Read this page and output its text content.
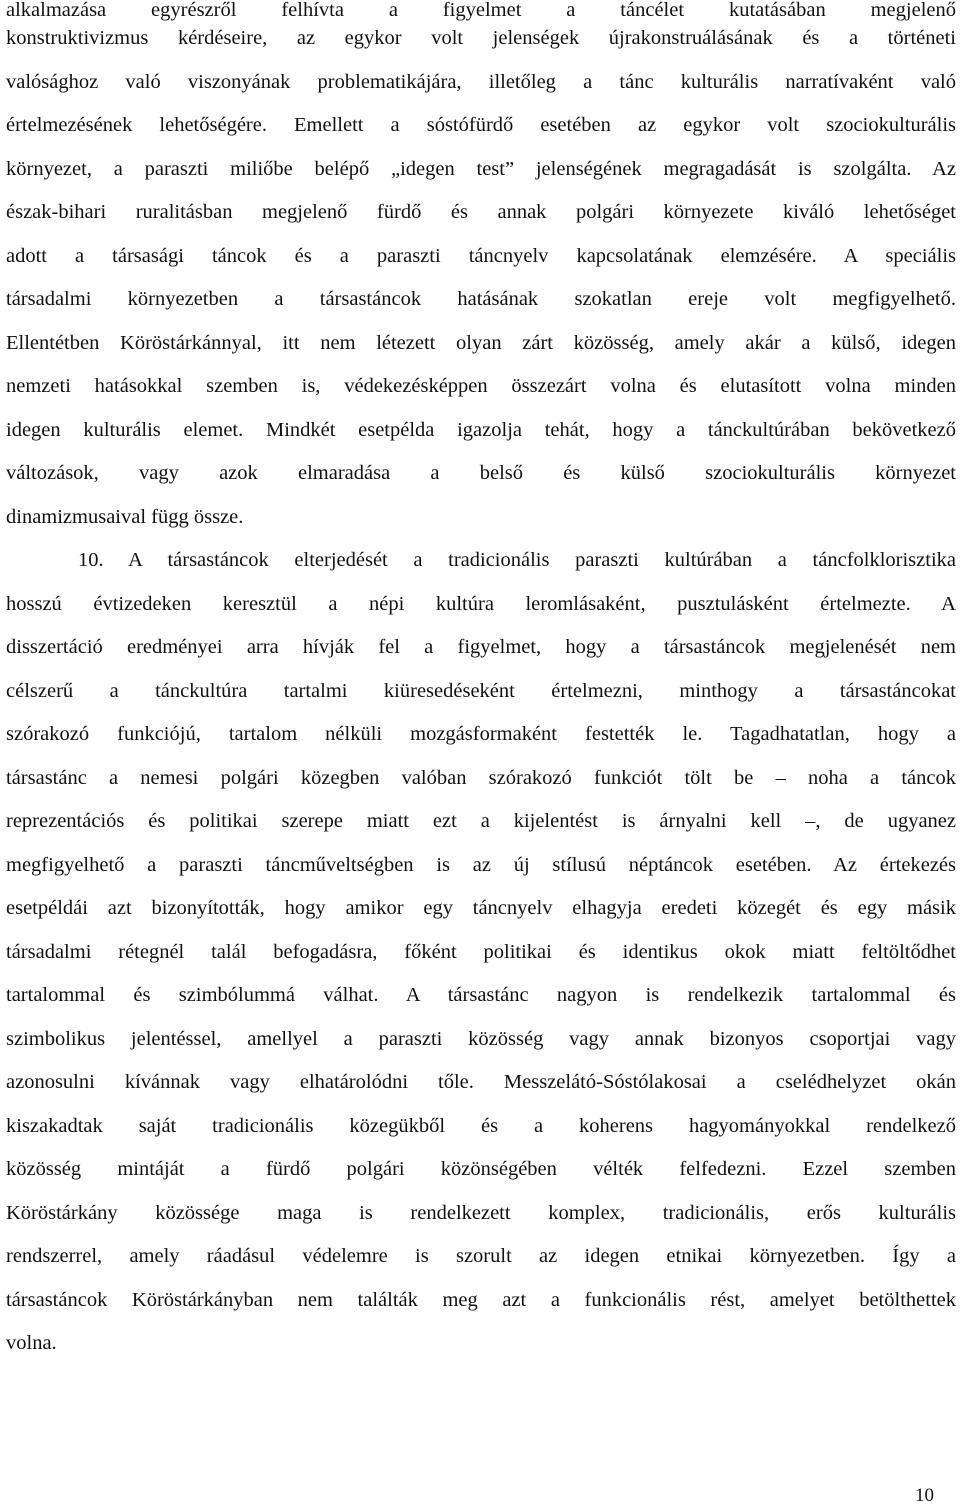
alkalmazása egyrészről felhívta a figyelmet a táncélet kutatásában megjelenő
konstruktivizmus kérdéseire, az egykor volt jelenségek újrakonstruálásának és a történeti
valósághoz való viszonyának problematikájára, illetőleg a tánc kulturális narratívaként való
értelmezésének lehetőségére. Emellett a sóstófürdő esetében az egykor volt szociokulturális
környezet, a paraszti miliőbe belépő „idegen test” jelenségének megragadását is szolgálta. Az
észak-bihari ruralitásban megjelenő fürdő és annak polgári környezete kiváló lehetőséget
adott a társasági táncok és a paraszti táncnyelv kapcsolatának elemzésére. A speciális
társadalmi környezetben a társastáncok hatásának szokatlan ereje volt megfigyelhető.
Ellentétben Köröstárkánnyal, itt nem létezett olyan zárt közösség, amely akár a külső, idegen
nemzeti hatásokkal szemben is, védekezésképpen összezárt volna és elutasított volna minden
idegen kulturális elemet. Mindkét esetpélda igazolja tehát, hogy a tánckultúrában bekövetkező
változások, vagy azok elmaradása a belső és külső szociokulturális környezet
dinamizmusaival függ össze.
10. A társastáncok elterjedését a tradicionális paraszti kultúrában a táncfolklorisztika
hosszú évtizedeken keresztül a népi kultúra leromlásaként, pusztulásként értelmezte. A
disszertáció eredményei arra hívják fel a figyelmet, hogy a társastáncok megjelenését nem
célszerű a tánckultúra tartalmi kiüresedéseként értelmezni, minthogy a társastáncokat
szórakozó funkciójú, tartalom nélküli mozgásformaként festették le. Tagadhatatlan, hogy a
társastánc a nemesi polgári közegben valóban szórakozó funkciót tölt be – noha a táncok
reprezentációs és politikai szerepe miatt ezt a kijelentést is árnyalni kell –, de ugyanez
megfigyelhető a paraszti táncműveltségben is az új stílusú néptáncok esetében. Az értekezés
esetpéldái azt bizonyították, hogy amikor egy táncnyelv elhagyja eredeti közegét és egy másik
társadalmi rétegnél talál befogadásra, főként politikai és identikus okok miatt feltöltődhet
tartalommal és szimbólummá válhat. A társastánc nagyon is rendelkezik tartalommal és
szimbolikus jelentéssel, amellyel a paraszti közösség vagy annak bizonyos csoportjai vagy
azonosulni kívánnak vagy elhatárolódni tőle. Messzelátó-Sóstólakosai a cselédhelyzet okán
kiszakadtak saját tradicionális közegükből és a koherens hagyományokkal rendelkező
közösség mintáját a fürdő polgári közönségében vélték felfedezni. Ezzel szemben
Köröstárkány közössége maga is rendelkezett komplex, tradicionális, erős kulturális
rendszerrel, amely ráadásul védelemre is szorult az idegen etnikai környezetben. Így a
társastáncok Köröstárkányban nem találták meg azt a funkcionális rést, amelyet betölthettek
volna.
10
